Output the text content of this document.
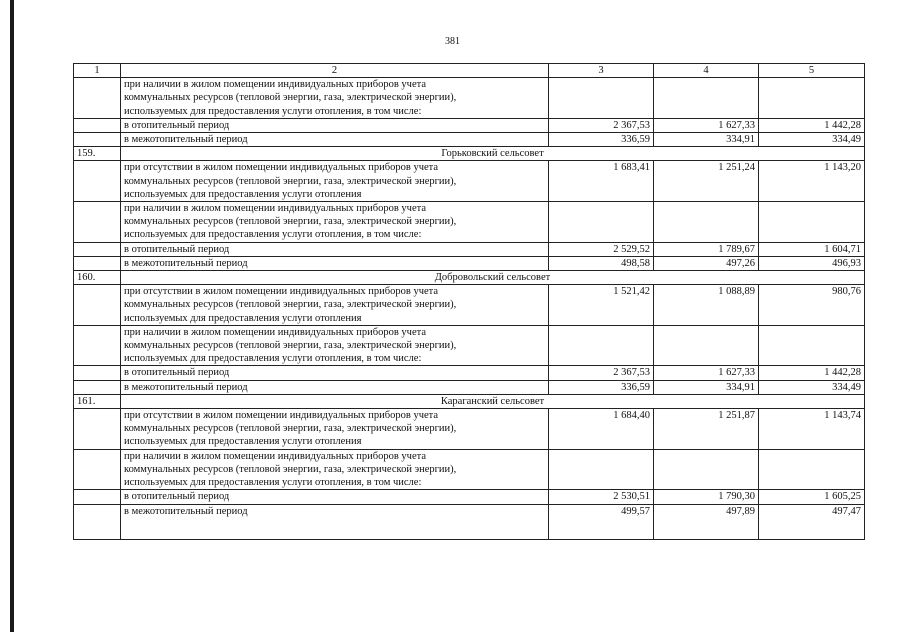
381
1	2	3	4	5

	при наличии в жилом помещении индивидуальных приборов учета
коммунальных ресурсов (тепловой энергии, газа, электрической энергии),
используемых для предоставления услуги отопления, в том числе:			

	в отопительный период	2 367,53	1 627,33	1 442,28
	в межотопительный период	336,59	334,91	334,49
159.	Горьковский сельсовет			

	при отсутствии в жилом помещении индивидуальных приборов учета
коммунальных ресурсов (тепловой энергии, газа, электрической энергии),
используемых для предоставления услуги отопления	1 683,41	1 251,24	1 143,20

	при наличии в жилом помещении индивидуальных приборов учета
коммунальных ресурсов (тепловой энергии, газа, электрической энергии),
используемых для предоставления услуги отопления, в том числе:			

	в отопительный период	2 529,52	1 789,67	1 604,71
	в межотопительный период	498,58	497,26	496,93
160.	Добровольский сельсовет			

	при отсутствии в жилом помещении индивидуальных приборов учета
коммунальных ресурсов (тепловой энергии, газа, электрической энергии),
используемых для предоставления услуги отопления	1 521,42	1 088,89	980,76

	при наличии в жилом помещении индивидуальных приборов учета
коммунальных ресурсов (тепловой энергии, газа, электрической энергии),
используемых для предоставления услуги отопления, в том числе:			

	в отопительный период	2 367,53	1 627,33	1 442,28
	в межотопительный период	336,59	334,91	334,49
161.	Караганский сельсовет			

	при отсутствии в жилом помещении индивидуальных приборов учета
коммунальных ресурсов (тепловой энергии, газа, электрической энергии),
используемых для предоставления услуги отопления	1 684,40	1 251,87	1 143,74

	при наличии в жилом помещении индивидуальных приборов учета
коммунальных ресурсов (тепловой энергии, газа, электрической энергии),
используемых для предоставления услуги отопления, в том числе:			

	в отопительный период	2 530,51	1 790,30	1 605,25
	в межотопительный период	499,57	497,89	497,47
